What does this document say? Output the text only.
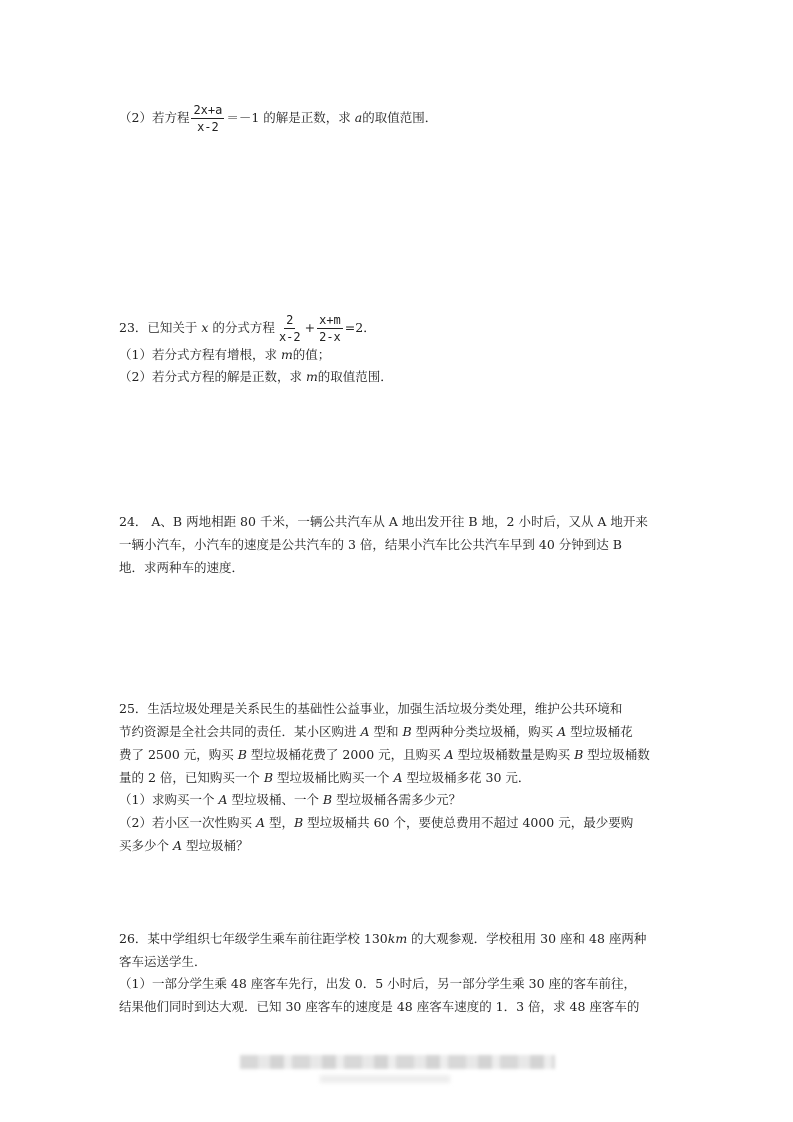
（2）若方程 $\frac{2x+a}{x-2} =-1$ 的解是正数，求 a的取值范围．
23．已知关于 x 的分式方程 $\frac{2}{x-2} + \frac{x+m}{2-x} =2$．
（1）若分式方程有增根，求 m的值；
（2）若分式方程的解是正数，求 m的取值范围．
24． A、B 两地相距 80 千米，一辆公共汽车从 A 地出发开往 B 地，2 小时后，又从 A 地开来
一辆小汽车，小汽车的速度是公共汽车的 3 倍，结果小汽车比公共汽车早到 40 分钟到达 B
地．求两种车的速度．
25．生活垃圾处理是关系民生的基础性公益事业，加强生活垃圾分类处理，维护公共环境和
节约资源是全社会共同的责任．某小区购进 A 型和 B 型两种分类垃圾桶，购买 A 型垃圾桶花
费了 2500 元，购买 B 型垃圾桶花费了 2000 元，且购买 A 型垃圾桶数量是购买 B 型垃圾桶数
量的 2 倍，已知购买一个 B 型垃圾桶比购买一个 A 型垃圾桶多花 30 元．
（1）求购买一个 A 型垃圾桶、一个 B 型垃圾桶各需多少元？
（2）若小区一次性购买 A 型，B 型垃圾桶共 60 个，要使总费用不超过 4000 元，最少要购
买多少个 A 型垃圾桶？
26．某中学组织七年级学生乘车前往距学校 130km 的大观参观．学校租用 30 座和 48 座两种
客车运送学生．
（1）一部分学生乘 48 座客车先行，出发 0．5 小时后，另一部分学生乘 30 座的客车前往，
结果他们同时到达大观．已知 30 座客车的速度是 48 座客车速度的 1．3 倍，求 48 座客车的
